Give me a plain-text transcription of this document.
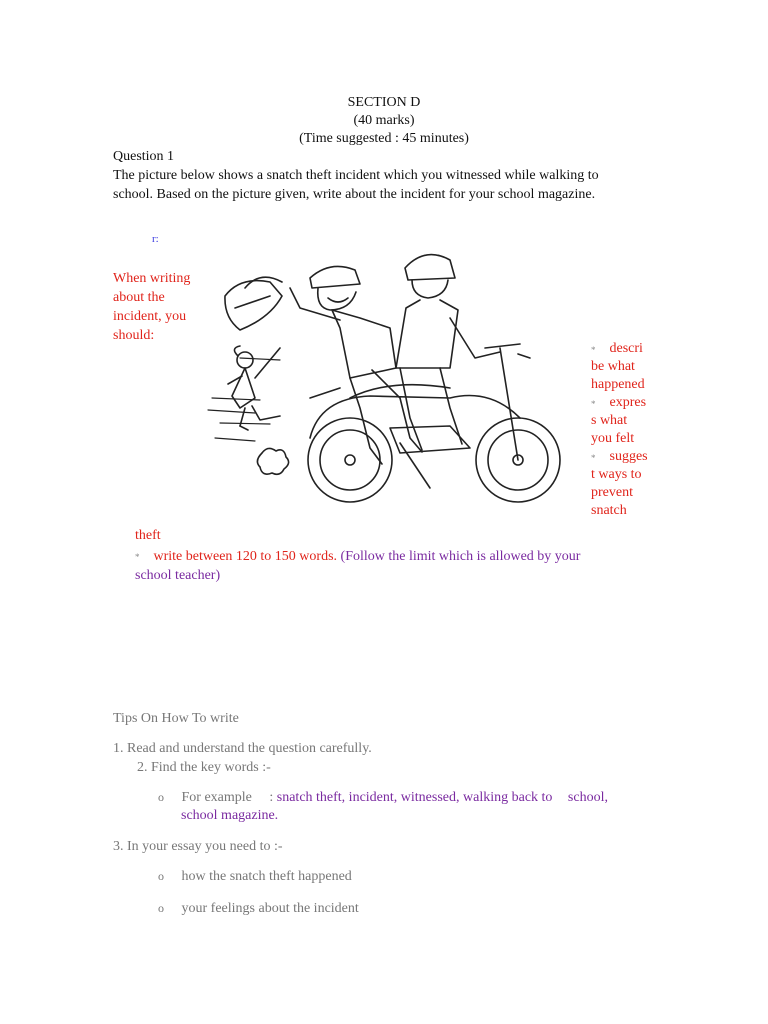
SECTION D
(40 marks)
(Time suggested : 45 minutes)
Question 1
The picture below shows a snatch theft incident which you witnessed while walking to
school. Based on the picture given, write about the incident for your school magazine.
r:

When writing

about the

incident, you

should:

* descri

be what

happened

* expres

s what

you felt

* sugges

t ways to

prevent

snatch

theft
* write between 120 to 150 words. (Follow the limit which is allowed by your
school teacher)
Tips On How To write
1. Read and understand the question carefully.
2. Find the key words :-
o For example : snatch theft, incident, witnessed, walking back to school,
school magazine.
3. In your essay you need to :-
o how the snatch theft happened
o your feelings about the incident
